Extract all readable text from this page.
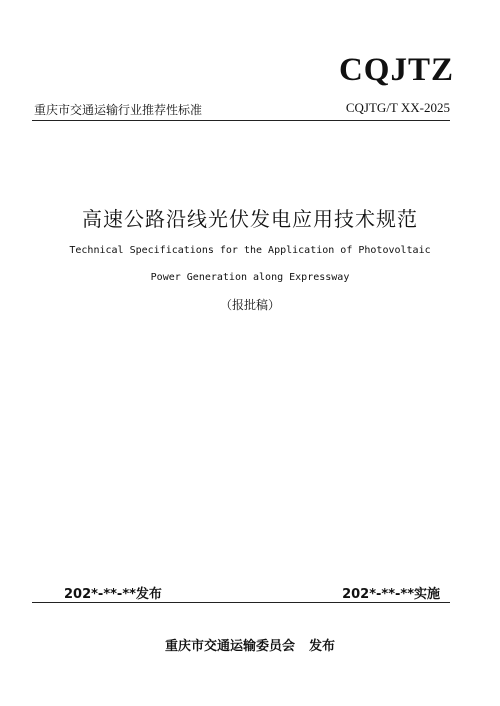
CQJTZ
重庆市交通运输行业推荐性标准	CQJTG/T XX-2025
高速公路沿线光伏发电应用技术规范
Technical Specifications for the Application of Photovoltaic
Power Generation along Expressway
（报批稿）
202*-**-**发布	202*-**-**实施
重庆市交通运输委员会 发布
